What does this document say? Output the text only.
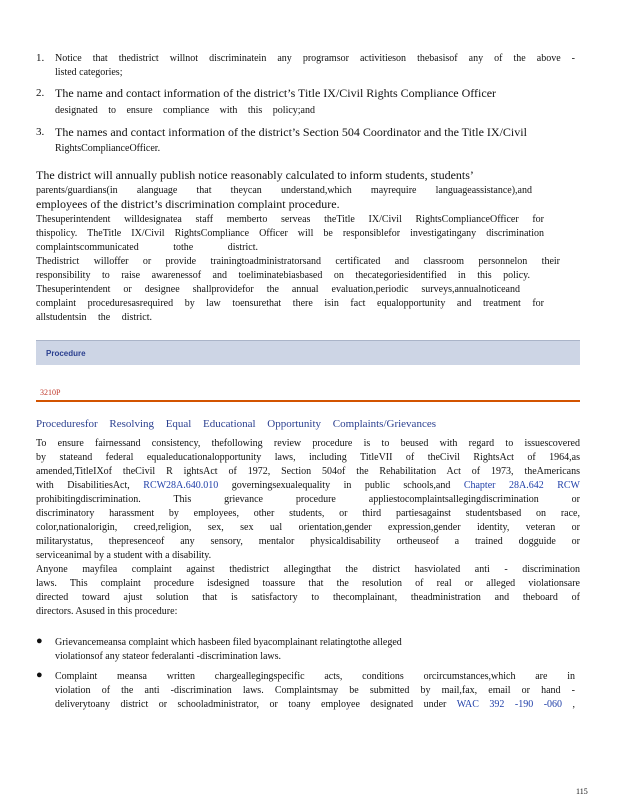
1. Notice that thedistrict willnot discriminatein any programsor activitieson thebasisof any of the above -
listed categories;
2. The name and contact information of the district’s Title IX/Civil Rights Compliance Officer
designated to ensure compliance with this policy;and
3. The names and contact information of the district’s Section 504 Coordinator and the Title IX/Civil
RightsComplianceOfficer.
The district will annually publish notice reasonably calculated to inform students, students’
parents/guardians(in alanguage that theycan understand,which mayrequire languageassistance),and
employees of the district’s discrimination complaint procedure.
Thesuperintendent willdesignatea staff memberto serveas theTitle IX/Civil RightsComplianceOfficer for
thispolicy. TheTitle IX/Civil RightsCompliance Officer will be responsiblefor investigatingany discrimination
complaintscommunicated tothe district.
Thedistrict willoffer or provide trainingtoadministratorsand certificated and classroom personnelon their
responsibility to raise awarenessof and toeliminatebiasbased on thecategoriesidentified in this policy.
Thesuperintendent or designee shallprovidefor the annual evaluation,periodic surveys,annualnoticeand
complaint proceduresasrequired by law toensurethat there isin fact equalopportunity and treatment for
allstudentsin the district.
Procedure
3210P
Proceduresfor Resolving Equal Educational Opportunity Complaints/Grievances
To ensure fairnessand consistency, thefollowing review procedure is to beused with regard to issuescovered
by stateand federal equaleducationalopportunity laws, including TitleVII of theCivil RightsAct of 1964,as
amended,TitleIXof theCivil R ightsAct of 1972, Section 504of the Rehabilitation Act of 1973, theAmericans
with DisabilitiesAct, RCW28A.640.010 governingsexualequality in public schools,and Chapter 28A.642 RCW
prohibitingdiscrimination. This grievance procedure appliestocomplaintsallegingdiscrimination or
discriminatory harassment by employees, other students, or third partiesagainst studentsbased on race,
color,nationalorigin, creed,religion, sex, sex ual orientation,gender expression,gender identity, veteran or
militarystatus, thepresenceof any sensory, mentalor physicaldisability ortheuseof a trained dogguide or
serviceanimal by a student with a disability.
Anyone mayfilea complaint against thedistrict allegingthat the district hasviolated anti - discrimination
laws. This complaint procedure isdesigned toassure that the resolution of real or alleged violationsare
directed toward ajust solution that is satisfactory to thecomplainant, theadministration and theboard of
directors. Asused in this procedure:
● Grievancemeansa complaint which hasbeen filed byacomplainant relatingtothe alleged
violationsof any stateor federalanti -discrimination laws.
● Complaint meansa written chargeallegingspecific acts, conditions orcircumstances,which are in
violation of the anti -discrimination laws. Complaintsmay be submitted by mail,fax, email or hand -
deliverytoany district or schooladministrator, or toany employee designated under WAC 392 -190 -060 ,
115
